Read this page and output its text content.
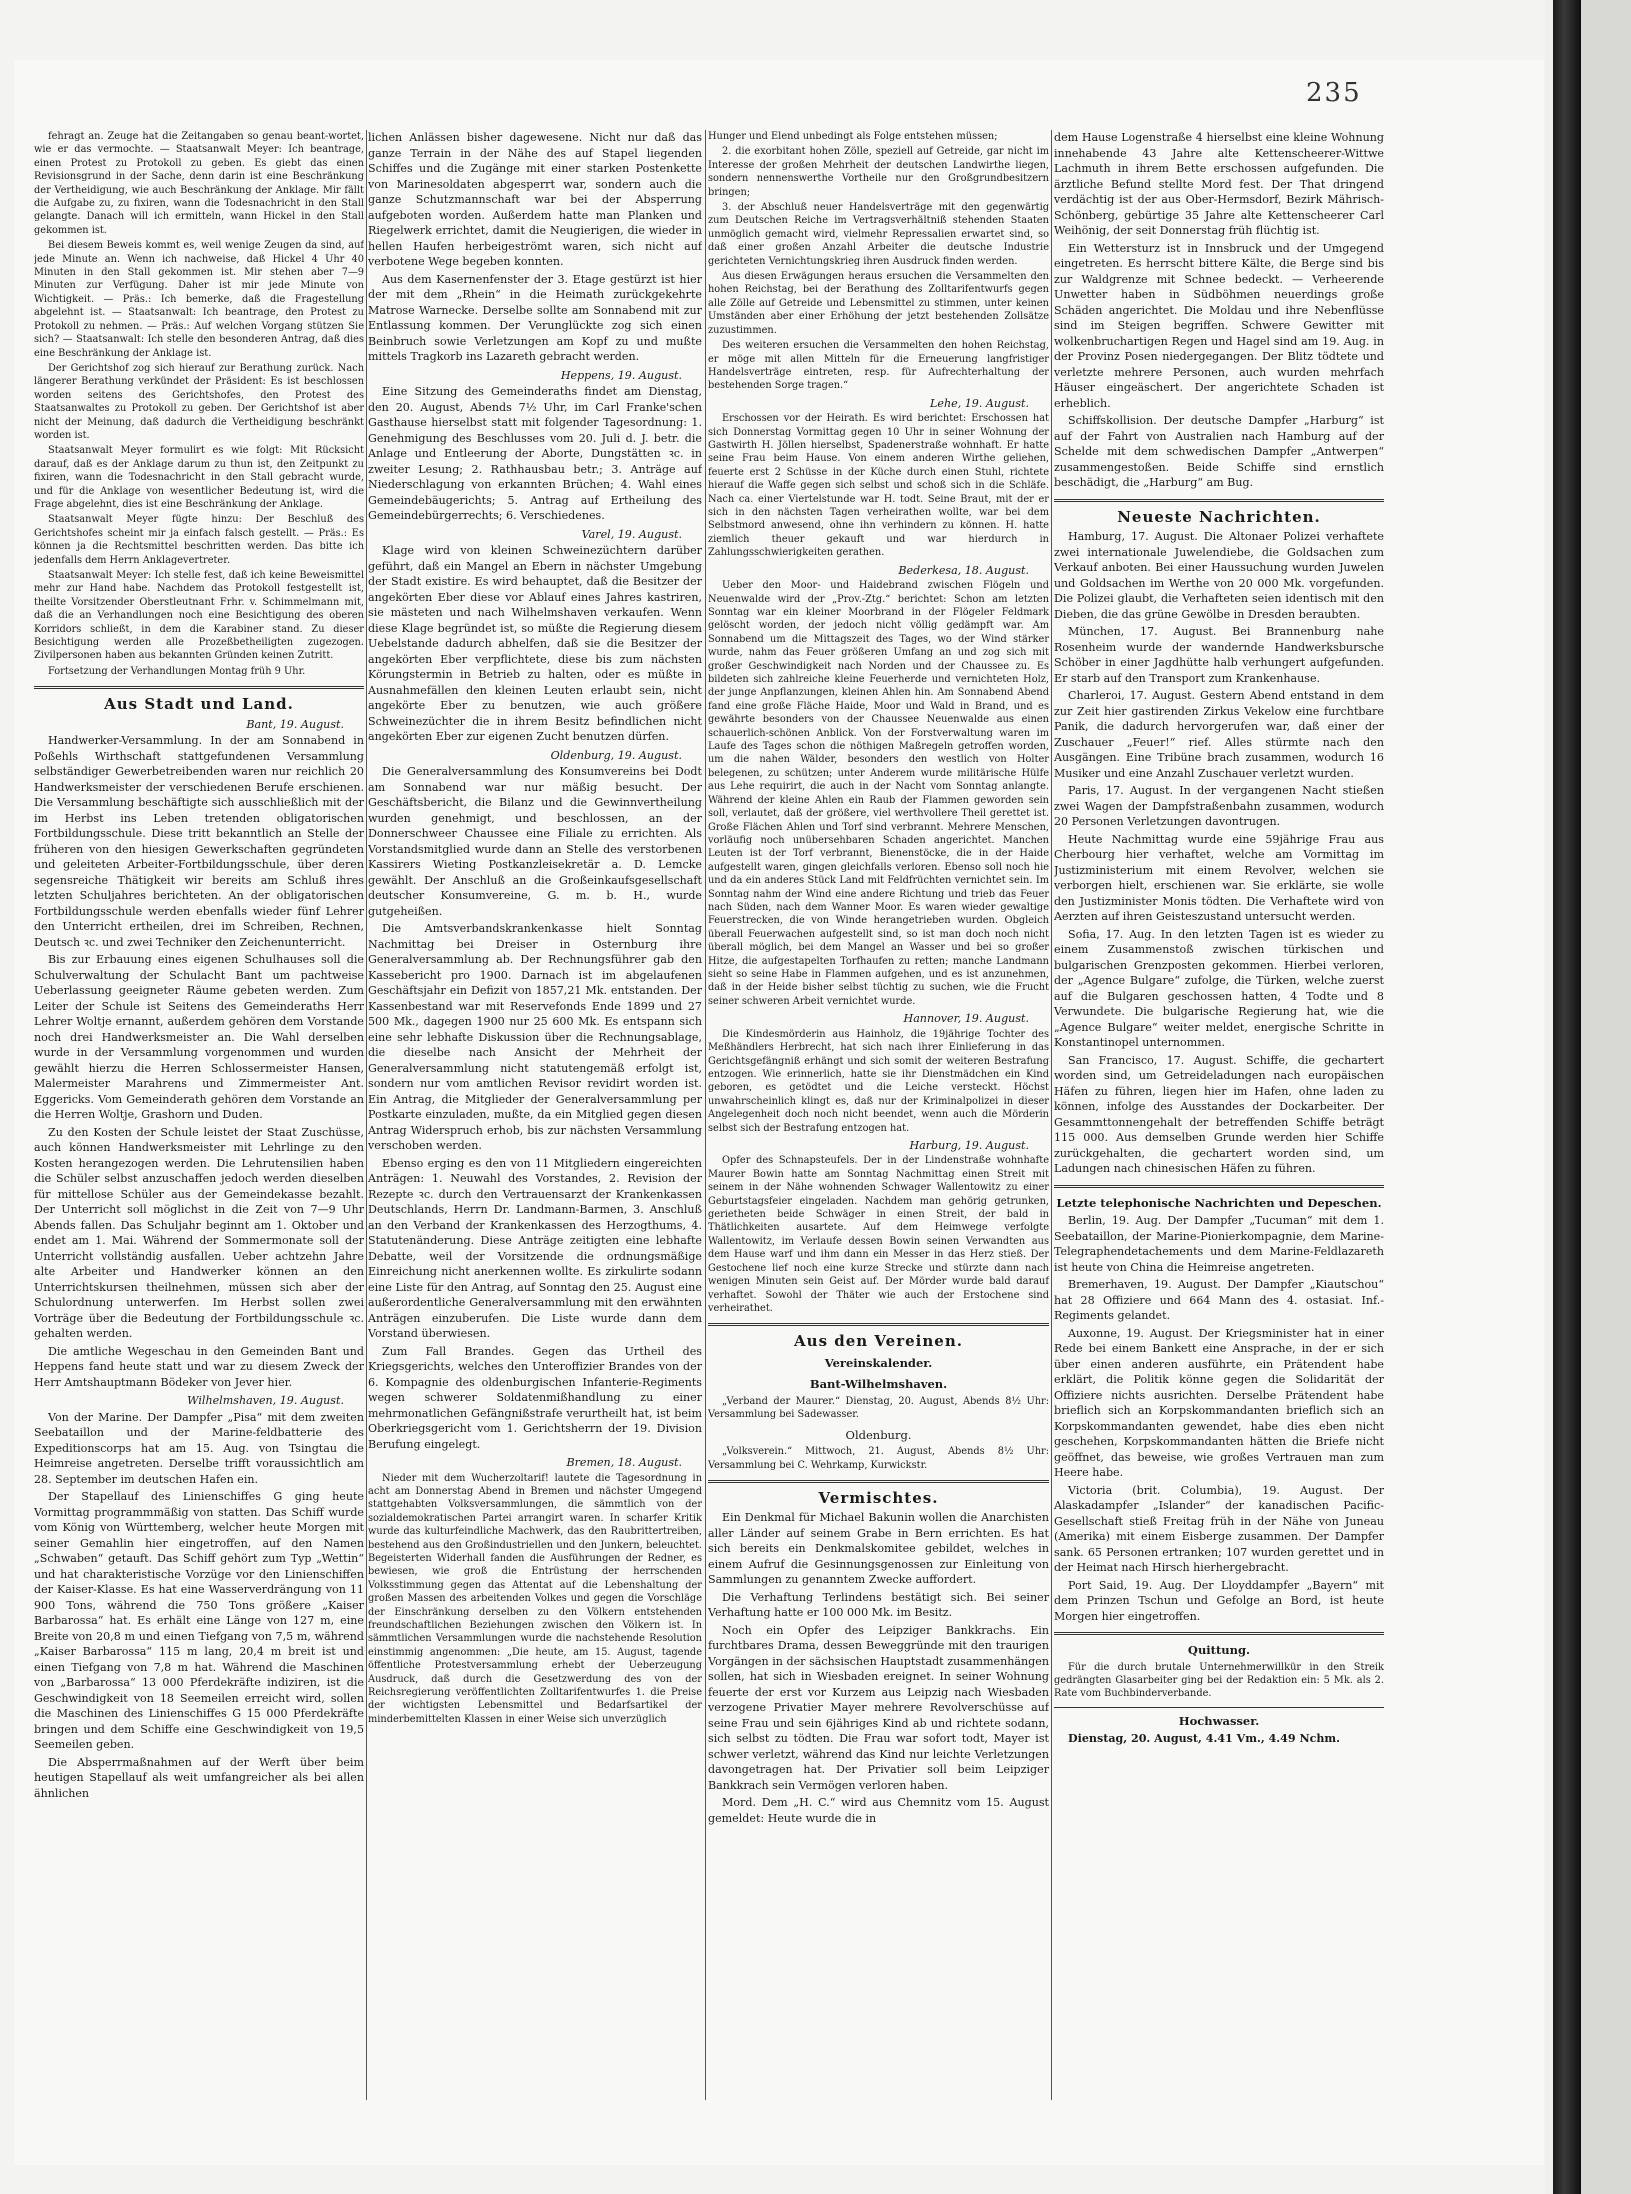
235

fehragt an. Zeuge hat die Zeitangaben so genau beant-wortet, wie er das vermochte. — Staatsanwalt Meyer: Ich beantrage, einen Protest zu Protokoll zu geben. Es giebt das einen Revisionsgrund in der Sache, denn darin ist eine Beschränkung der Vertheidigung, wie auch Beschränkung der Anklage. Mir fällt die Aufgabe zu, zu fixiren, wann die Todesnachricht in den Stall gelangte. Danach will ich ermitteln, wann Hickel in den Stall gekommen ist.

Bei diesem Beweis kommt es, weil wenige Zeugen da sind, auf jede Minute an. Wenn ich nachweise, daß Hickel 4 Uhr 40 Minuten in den Stall gekommen ist. Mir stehen aber 7—9 Minuten zur Verfügung. Daher ist mir jede Minute von Wichtigkeit. — Präs.: Ich bemerke, daß die Fragestellung abgelehnt ist. — Staatsanwalt: Ich beantrage, den Protest zu Protokoll zu nehmen. — Präs.: Auf welchen Vorgang stützen Sie sich? — Staatsanwalt: Ich stelle den besonderen Antrag, daß dies eine Beschränkung der Anklage ist.

Der Gerichtshof zog sich hierauf zur Berathung zurück. Nach längerer Berathung verkündet der Präsident: Es ist beschlossen worden seitens des Gerichtshofes, den Protest des Staatsanwaltes zu Protokoll zu geben. Der Gerichtshof ist aber nicht der Meinung, daß dadurch die Vertheidigung beschränkt worden ist.

Staatsanwalt Meyer formulirt es wie folgt: Mit Rücksicht darauf, daß es der Anklage darum zu thun ist, den Zeitpunkt zu fixiren, wann die Todesnachricht in den Stall gebracht wurde, und für die Anklage von wesentlicher Bedeutung ist, wird die Frage abgelehnt, dies ist eine Beschränkung der Anklage.

Staatsanwalt Meyer fügte hinzu: Der Beschluß des Gerichtshofes scheint mir ja einfach falsch gestellt. — Präs.: Es können ja die Rechtsmittel beschritten werden. Das bitte ich jedenfalls dem Herrn Anklagevertreter.

Staatsanwalt Meyer: Ich stelle fest, daß ich keine Beweismittel mehr zur Hand habe. Nachdem das Protokoll festgestellt ist, theilte Vorsitzender Oberstleutnant Frhr. v. Schimmelmann mit, daß die an Verhandlungen noch eine Besichtigung des oberen Korridors schließt, in dem die Karabiner stand. Zu dieser Besichtigung werden alle Prozeßbetheiligten zugezogen. Zivilpersonen haben aus bekannten Gründen keinen Zutritt.

Fortsetzung der Verhandlungen Montag früh 9 Uhr.

Aus Stadt und Land.
Bant, 19. August.

Handwerker-Versammlung. In der am Sonnabend in Poßehls Wirthschaft stattgefundenen Versammlung selbständiger Gewerbetreibenden waren nur reichlich 20 Handwerksmeister der verschiedenen Berufe erschienen. Die Versammlung beschäftigte sich ausschließlich mit der im Herbst ins Leben tretenden obligatorischen Fortbildungsschule. Diese tritt bekanntlich an Stelle der früheren von den hiesigen Gewerkschaften gegründeten und geleiteten Arbeiter-Fortbildungsschule, über deren segensreiche Thätigkeit wir bereits am Schluß ihres letzten Schuljahres berichteten. An der obligatorischen Fortbildungsschule werden ebenfalls wieder fünf Lehrer den Unterricht ertheilen, drei im Schreiben, Rechnen, Deutsch ꝛc. und zwei Techniker den Zeichenunterricht.

Bis zur Erbauung eines eigenen Schulhauses soll die Schulverwaltung der Schulacht Bant um pachtweise Ueberlassung geeigneter Räume gebeten werden. Zum Leiter der Schule ist Seitens des Gemeinderaths Herr Lehrer Woltje ernannt, außerdem gehören dem Vorstande noch drei Handwerksmeister an. Die Wahl derselben wurde in der Versammlung vorgenommen und wurden gewählt hierzu die Herren Schlossermeister Hansen, Malermeister Marahrens und Zimmermeister Ant. Eggericks. Vom Gemeinderath gehören dem Vorstande an die Herren Woltje, Grashorn und Duden.

Zu den Kosten der Schule leistet der Staat Zuschüsse, auch können Handwerksmeister mit Lehrlinge zu den Kosten herangezogen werden. Die Lehrutensilien haben die Schüler selbst anzuschaffen jedoch werden dieselben für mittellose Schüler aus der Gemeindekasse bezahlt. Der Unterricht soll möglichst in die Zeit von 7—9 Uhr Abends fallen. Das Schuljahr beginnt am 1. Oktober und endet am 1. Mai. Während der Sommermonate soll der Unterricht vollständig ausfallen. Ueber achtzehn Jahre alte Arbeiter und Handwerker können an den Unterrichtskursen theilnehmen, müssen sich aber der Schulordnung unterwerfen. Im Herbst sollen zwei Vorträge über die Bedeutung der Fortbildungsschule ꝛc. gehalten werden.

Die amtliche Wegeschau in den Gemeinden Bant und Heppens fand heute statt und war zu diesem Zweck der Herr Amtshauptmann Bödeker von Jever hier.

Wilhelmshaven, 19. August.

Von der Marine. Der Dampfer „Pisa“ mit dem zweiten Seebataillon und der Marine-feldbatterie des Expeditionscorps hat am 15. Aug. von Tsingtau die Heimreise angetreten. Derselbe trifft voraussichtlich am 28. September im deutschen Hafen ein.

Der Stapellauf des Linienschiffes G ging heute Vormittag programmmäßig von statten. Das Schiff wurde vom König von Württemberg, welcher heute Morgen mit seiner Gemahlin hier eingetroffen, auf den Namen „Schwaben“ getauft. Das Schiff gehört zum Typ „Wettin“ und hat charakteristische Vorzüge vor den Linienschiffen der Kaiser-Klasse. Es hat eine Wasserverdrängung von 11 900 Tons, während die 750 Tons größere „Kaiser Barbarossa“ hat. Es erhält eine Länge von 127 m, eine Breite von 20,8 m und einen Tiefgang von 7,5 m, während „Kaiser Barbarossa“ 115 m lang, 20,4 m breit ist und einen Tiefgang von 7,8 m hat. Während die Maschinen von „Barbarossa“ 13 000 Pferdekräfte indiziren, ist die Geschwindigkeit von 18 Seemeilen erreicht wird, sollen die Maschinen des Linienschiffes G 15 000 Pferdekräfte bringen und dem Schiffe eine Geschwindigkeit von 19,5 Seemeilen geben.

Die Absperrmaßnahmen auf der Werft über beim heutigen Stapellauf als weit umfangreicher als bei allen ähnlichen

lichen Anlässen bisher dagewesene. Nicht nur daß das ganze Terrain in der Nähe des auf Stapel liegenden Schiffes und die Zugänge mit einer starken Postenkette von Marinesoldaten abgesperrt war, sondern auch die ganze Schutzmannschaft war bei der Absperrung aufgeboten worden. Außerdem hatte man Planken und Riegelwerk errichtet, damit die Neugierigen, die wieder in hellen Haufen herbeigeströmt waren, sich nicht auf verbotene Wege begeben konnten.

Aus dem Kasernenfenster der 3. Etage gestürzt ist hier der mit dem „Rhein“ in die Heimath zurückgekehrte Matrose Warnecke. Derselbe sollte am Sonnabend mit zur Entlassung kommen. Der Verunglückte zog sich einen Beinbruch sowie Verletzungen am Kopf zu und mußte mittels Tragkorb ins Lazareth gebracht werden.

Heppens, 19. August.

Eine Sitzung des Gemeinderaths findet am Dienstag, den 20. August, Abends 7½ Uhr, im Carl Franke'schen Gasthause hierselbst statt mit folgender Tagesordnung: 1. Genehmigung des Beschlusses vom 20. Juli d. J. betr. die Anlage und Entleerung der Aborte, Dungstätten ꝛc. in zweiter Lesung; 2. Rathhausbau betr.; 3. Anträge auf Niederschlagung von erkannten Brüchen; 4. Wahl eines Gemeindebäugerichts; 5. Antrag auf Ertheilung des Gemeindebürgerrechts; 6. Verschiedenes.

Varel, 19. August.

Klage wird von kleinen Schweinezüchtern darüber geführt, daß ein Mangel an Ebern in nächster Umgebung der Stadt existire. Es wird behauptet, daß die Besitzer der angekörten Eber diese vor Ablauf eines Jahres kastriren, sie mästeten und nach Wilhelmshaven verkaufen. Wenn diese Klage begründet ist, so müßte die Regierung diesem Uebelstande dadurch abhelfen, daß sie die Besitzer der angekörten Eber verpflichtete, diese bis zum nächsten Körungstermin in Betrieb zu halten, oder es müßte in Ausnahmefällen den kleinen Leuten erlaubt sein, nicht angekörte Eber zu benutzen, wie auch größere Schweinezüchter die in ihrem Besitz befindlichen nicht angekörten Eber zur eigenen Zucht benutzen dürfen.

Oldenburg, 19. August.

Die Generalversammlung des Konsumvereins bei Dodt am Sonnabend war nur mäßig besucht. Der Geschäftsbericht, die Bilanz und die Gewinnvertheilung wurden genehmigt, und beschlossen, an der Donnerschweer Chaussee eine Filiale zu errichten. Als Vorstandsmitglied wurde dann an Stelle des verstorbenen Kassirers Wieting Postkanzleisekretär a. D. Lemcke gewählt. Der Anschluß an die Großeinkaufsgesellschaft deutscher Konsumvereine, G. m. b. H., wurde gutgeheißen.

Die Amtsverbandskrankenkasse hielt Sonntag Nachmittag bei Dreiser in Osternburg ihre Generalversammlung ab. Der Rechnungsführer gab den Kassebericht pro 1900. Darnach ist im abgelaufenen Geschäftsjahr ein Defizit von 1857,21 Mk. entstanden. Der Kassenbestand war mit Reservefonds Ende 1899 und 27 500 Mk., dagegen 1900 nur 25 600 Mk. Es entspann sich eine sehr lebhafte Diskussion über die Rechnungsablage, die dieselbe nach Ansicht der Mehrheit der Generalversammlung nicht statutengemäß erfolgt ist, sondern nur vom amtlichen Revisor revidirt worden ist. Ein Antrag, die Mitglieder der Generalversammlung per Postkarte einzuladen, mußte, da ein Mitglied gegen diesen Antrag Widerspruch erhob, bis zur nächsten Versammlung verschoben werden.

Ebenso erging es den von 11 Mitgliedern eingereichten Anträgen: 1. Neuwahl des Vorstandes, 2. Revision der Rezepte ꝛc. durch den Vertrauensarzt der Krankenkassen Deutschlands, Herrn Dr. Landmann-Barmen, 3. Anschluß an den Verband der Krankenkassen des Herzogthums, 4. Statutenänderung. Diese Anträge zeitigten eine lebhafte Debatte, weil der Vorsitzende die ordnungsmäßige Einreichung nicht anerkennen wollte. Es zirkulirte sodann eine Liste für den Antrag, auf Sonntag den 25. August eine außerordentliche Generalversammlung mit den erwähnten Anträgen einzuberufen. Die Liste wurde dann dem Vorstand überwiesen.

Zum Fall Brandes. Gegen das Urtheil des Kriegsgerichts, welches den Unteroffizier Brandes von der 6. Kompagnie des oldenburgischen Infanterie-Regiments wegen schwerer Soldatenmißhandlung zu einer mehrmonatlichen Gefängnißstrafe verurtheilt hat, ist beim Oberkriegsgericht vom 1. Gerichtsherrn der 19. Division Berufung eingelegt.

Bremen, 18. August.

Nieder mit dem Wucherzoltarif! lautete die Tagesordnung in acht am Donnerstag Abend in Bremen und nächster Umgegend stattgehabten Volksversammlungen, die sämmtlich von der sozialdemokratischen Partei arrangirt waren. In scharfer Kritik wurde das kulturfeindliche Machwerk, das den Raubrittertreiben, bestehend aus den Großindustriellen und den Junkern, beleuchtet. Begeisterten Widerhall fanden die Ausführungen der Redner, es bewiesen, wie groß die Entrüstung der herrschenden Volksstimmung gegen das Attentat auf die Lebenshaltung der großen Massen des arbeitenden Volkes und gegen die Vorschläge der Einschränkung derselben zu den Völkern entstehenden freundschaftlichen Beziehungen zwischen den Völkern ist. In sämmtlichen Versammlungen wurde die nachstehende Resolution einstimmig angenommen: „Die heute, am 15. August, tagende öffentliche Protestversammlung erhebt der Ueberzeugung Ausdruck, daß durch die Gesetzwerdung des von der Reichsregierung veröffentlichten Zolltarifentwurfes 1. die Preise der wichtigsten Lebensmittel und Bedarfsartikel der minderbemittelten Klassen in einer Weise sich unverzüglich

Hunger und Elend unbedingt als Folge entstehen müssen;

2. die exorbitant hohen Zölle, speziell auf Getreide, gar nicht im Interesse der großen Mehrheit der deutschen Landwirthe liegen, sondern nennenswerthe Vortheile nur den Großgrundbesitzern bringen;

3. der Abschluß neuer Handelsverträge mit den gegenwärtig zum Deutschen Reiche im Vertragsverhältniß stehenden Staaten unmöglich gemacht wird, vielmehr Repressalien erwartet sind, so daß einer großen Anzahl Arbeiter die deutsche Industrie gerichteten Vernichtungskrieg ihren Ausdruck finden werden.

Aus diesen Erwägungen heraus ersuchen die Versammelten den hohen Reichstag, bei der Berathung des Zolltarifentwurfs gegen alle Zölle auf Getreide und Lebensmittel zu stimmen, unter keinen Umständen aber einer Erhöhung der jetzt bestehenden Zollsätze zuzustimmen.

Des weiteren ersuchen die Versammelten den hohen Reichstag, er möge mit allen Mitteln für die Erneuerung langfristiger Handelsverträge eintreten, resp. für Aufrechterhaltung der bestehenden Sorge tragen.“

Lehe, 19. August.

Erschossen vor der Heirath. Es wird berichtet: Erschossen hat sich Donnerstag Vormittag gegen 10 Uhr in seiner Wohnung der Gastwirth H. Jöllen hierselbst, Spadenerstraße wohnhaft. Er hatte seine Frau beim Hause. Von einem anderen Wirthe geliehen, feuerte erst 2 Schüsse in der Küche durch einen Stuhl, richtete hierauf die Waffe gegen sich selbst und schoß sich in die Schläfe. Nach ca. einer Viertelstunde war H. todt. Seine Braut, mit der er sich in den nächsten Tagen verheirathen wollte, war bei dem Selbstmord anwesend, ohne ihn verhindern zu können. H. hatte ziemlich theuer gekauft und war hierdurch in Zahlungsschwierigkeiten gerathen.

Bederkesa, 18. August.

Ueber den Moor- und Haidebrand zwischen Flögeln und Neuenwalde wird der „Prov.-Ztg.“ berichtet: Schon am letzten Sonntag war ein kleiner Moorbrand in der Flögeler Feldmark gelöscht worden, der jedoch nicht völlig gedämpft war. Am Sonnabend um die Mittagszeit des Tages, wo der Wind stärker wurde, nahm das Feuer größeren Umfang an und zog sich mit großer Geschwindigkeit nach Norden und der Chaussee zu. Es bildeten sich zahlreiche kleine Feuerherde und vernichteten Holz, der junge Anpflanzungen, kleinen Ahlen hin. Am Sonnabend Abend fand eine große Fläche Haide, Moor und Wald in Brand, und es gewährte besonders von der Chaussee Neuenwalde aus einen schauerlich-schönen Anblick. Von der Forstverwaltung waren im Laufe des Tages schon die nöthigen Maßregeln getroffen worden, um die nahen Wälder, besonders den westlich von Holter belegenen, zu schützen; unter Anderem wurde militärische Hülfe aus Lehe requirirt, die auch in der Nacht vom Sonntag anlangte. Während der kleine Ahlen ein Raub der Flammen geworden sein soll, verlautet, daß der größere, viel werthvollere Theil gerettet ist. Große Flächen Ahlen und Torf sind verbrannt. Mehrere Menschen, vorläufig noch unübersehbaren Schaden angerichtet. Manchen Leuten ist der Torf verbrannt, Bienenstöcke, die in der Haide aufgestellt waren, gingen gleichfalls verloren. Ebenso soll noch hie und da ein anderes Stück Land mit Feldfrüchten vernichtet sein. Im Sonntag nahm der Wind eine andere Richtung und trieb das Feuer nach Süden, nach dem Wanner Moor. Es waren wieder gewaltige Feuerstrecken, die von Winde herangetrieben wurden. Obgleich überall Feuerwachen aufgestellt sind, so ist man doch noch nicht überall möglich, bei dem Mangel an Wasser und bei so großer Hitze, die aufgestapelten Torfhaufen zu retten; manche Landmann sieht so seine Habe in Flammen aufgehen, und es ist anzunehmen, daß in der Heide bisher selbst tüchtig zu suchen, wie die Frucht seiner schweren Arbeit vernichtet wurde.

Hannover, 19. August.

Die Kindesmörderin aus Hainholz, die 19jährige Tochter des Meßhändlers Herbrecht, hat sich nach ihrer Einlieferung in das Gerichtsgefängniß erhängt und sich somit der weiteren Bestrafung entzogen. Wie erinnerlich, hatte sie ihr Dienstmädchen ein Kind geboren, es getödtet und die Leiche versteckt. Höchst unwahrscheinlich klingt es, daß nur der Kriminalpolizei in dieser Angelegenheit doch noch nicht beendet, wenn auch die Mörderin selbst sich der Bestrafung entzogen hat.

Harburg, 19. August.

Opfer des Schnapsteufels. Der in der Lindenstraße wohnhafte Maurer Bowin hatte am Sonntag Nachmittag einen Streit mit seinem in der Nähe wohnenden Schwager Wallentowitz zu einer Geburtstagsfeier eingeladen. Nachdem man gehörig getrunken, gerietheten beide Schwäger in einen Streit, der bald in Thätlichkeiten ausartete. Auf dem Heimwege verfolgte Wallentowitz, im Verlaufe dessen Bowin seinen Verwandten aus dem Hause warf und ihm dann ein Messer in das Herz stieß. Der Gestochene lief noch eine kurze Strecke und stürzte dann nach wenigen Minuten sein Geist auf. Der Mörder wurde bald darauf verhaftet. Sowohl der Thäter wie auch der Erstochene sind verheirathet.

Aus den Vereinen.
Vereinskalender.
Bant-Wilhelmshaven.

„Verband der Maurer.“ Dienstag, 20. August, Abends 8½ Uhr: Versammlung bei Sadewasser.

Oldenburg.

„Volksverein.“ Mittwoch, 21. August, Abends 8½ Uhr: Versammlung bei C. Wehrkamp, Kurwickstr.

Vermischtes.

Ein Denkmal für Michael Bakunin wollen die Anarchisten aller Länder auf seinem Grabe in Bern errichten. Es hat sich bereits ein Denkmalskomitee gebildet, welches in einem Aufruf die Gesinnungsgenossen zur Einleitung von Sammlungen zu genanntem Zwecke auffordert.

Die Verhaftung Terlindens bestätigt sich. Bei seiner Verhaftung hatte er 100 000 Mk. im Besitz.

Noch ein Opfer des Leipziger Bankkrachs. Ein furchtbares Drama, dessen Beweggründe mit den traurigen Vorgängen in der sächsischen Hauptstadt zusammenhängen sollen, hat sich in Wiesbaden ereignet. In seiner Wohnung feuerte der erst vor Kurzem aus Leipzig nach Wiesbaden verzogene Privatier Mayer mehrere Revolverschüsse auf seine Frau und sein 6jähriges Kind ab und richtete sodann, sich selbst zu tödten. Die Frau war sofort todt, Mayer ist schwer verletzt, während das Kind nur leichte Verletzungen davongetragen hat. Der Privatier soll beim Leipziger Bankkrach sein Vermögen verloren haben.

Mord. Dem „H. C.“ wird aus Chemnitz vom 15. August gemeldet: Heute wurde die in

dem Hause Logenstraße 4 hierselbst eine kleine Wohnung innehabende 43 Jahre alte Kettenscheerer-Wittwe Lachmuth in ihrem Bette erschossen aufgefunden. Die ärztliche Befund stellte Mord fest. Der That dringend verdächtig ist der aus Ober-Hermsdorf, Bezirk Mährisch-Schönberg, gebürtige 35 Jahre alte Kettenscheerer Carl Weihönig, der seit Donnerstag früh flüchtig ist.

Ein Wettersturz ist in Innsbruck und der Umgegend eingetreten. Es herrscht bittere Kälte, die Berge sind bis zur Waldgrenze mit Schnee bedeckt. — Verheerende Unwetter haben in Südböhmen neuerdings große Schäden angerichtet. Die Moldau und ihre Nebenflüsse sind im Steigen begriffen. Schwere Gewitter mit wolkenbruchartigen Regen und Hagel sind am 19. Aug. in der Provinz Posen niedergegangen. Der Blitz tödtete und verletzte mehrere Personen, auch wurden mehrfach Häuser eingeäschert. Der angerichtete Schaden ist erheblich.

Schiffskollision. Der deutsche Dampfer „Harburg“ ist auf der Fahrt von Australien nach Hamburg auf der Schelde mit dem schwedischen Dampfer „Antwerpen“ zusammengestoßen. Beide Schiffe sind ernstlich beschädigt, die „Harburg“ am Bug.

Neueste Nachrichten.

Hamburg, 17. August. Die Altonaer Polizei verhaftete zwei internationale Juwelendiebe, die Goldsachen zum Verkauf anboten. Bei einer Haussuchung wurden Juwelen und Goldsachen im Werthe von 20 000 Mk. vorgefunden. Die Polizei glaubt, die Verhafteten seien identisch mit den Dieben, die das grüne Gewölbe in Dresden beraubten.

München, 17. August. Bei Brannenburg nahe Rosenheim wurde der wandernde Handwerksbursche Schöber in einer Jagdhütte halb verhungert aufgefunden. Er starb auf den Transport zum Krankenhause.

Charleroi, 17. August. Gestern Abend entstand in dem zur Zeit hier gastirenden Zirkus Vekelow eine furchtbare Panik, die dadurch hervorgerufen war, daß einer der Zuschauer „Feuer!“ rief. Alles stürmte nach den Ausgängen. Eine Tribüne brach zusammen, wodurch 16 Musiker und eine Anzahl Zuschauer verletzt wurden.

Paris, 17. August. In der vergangenen Nacht stießen zwei Wagen der Dampfstraßenbahn zusammen, wodurch 20 Personen Verletzungen davontrugen.

Heute Nachmittag wurde eine 59jährige Frau aus Cherbourg hier verhaftet, welche am Vormittag im Justizministerium mit einem Revolver, welchen sie verborgen hielt, erschienen war. Sie erklärte, sie wolle den Justizminister Monis tödten. Die Verhaftete wird von Aerzten auf ihren Geisteszustand untersucht werden.

Sofia, 17. Aug. In den letzten Tagen ist es wieder zu einem Zusammenstoß zwischen türkischen und bulgarischen Grenzposten gekommen. Hierbei verloren, der „Agence Bulgare“ zufolge, die Türken, welche zuerst auf die Bulgaren geschossen hatten, 4 Todte und 8 Verwundete. Die bulgarische Regierung hat, wie die „Agence Bulgare“ weiter meldet, energische Schritte in Konstantinopel unternommen.

San Francisco, 17. August. Schiffe, die gechartert worden sind, um Getreideladungen nach europäischen Häfen zu führen, liegen hier im Hafen, ohne laden zu können, infolge des Ausstandes der Dockarbeiter. Der Gesammttonnengehalt der betreffenden Schiffe beträgt 115 000. Aus demselben Grunde werden hier Schiffe zurückgehalten, die gechartert worden sind, um Ladungen nach chinesischen Häfen zu führen.

Letzte telephonische Nachrichten und Depeschen.

Berlin, 19. Aug. Der Dampfer „Tucuman“ mit dem 1. Seebataillon, der Marine-Pionierkompagnie, dem Marine-Telegraphendetachements und dem Marine-Feldlazareth ist heute von China die Heimreise angetreten.

Bremerhaven, 19. August. Der Dampfer „Kiautschou“ hat 28 Offiziere und 664 Mann des 4. ostasiat. Inf.-Regiments gelandet.

Auxonne, 19. August. Der Kriegsminister hat in einer Rede bei einem Bankett eine Ansprache, in der er sich über einen anderen ausführte, ein Prätendent habe erklärt, die Politik könne gegen die Solidarität der Offiziere nichts ausrichten. Derselbe Prätendent habe brieflich sich an Korpskommandanten brieflich sich an Korpskommandanten gewendet, habe dies eben nicht geschehen, Korpskommandanten hätten die Briefe nicht geöffnet, das beweise, wie großes Vertrauen man zum Heere habe.

Victoria (brit. Columbia), 19. August. Der Alaskadampfer „Islander“ der kanadischen Pacific-Gesellschaft stieß Freitag früh in der Nähe von Juneau (Amerika) mit einem Eisberge zusammen. Der Dampfer sank. 65 Personen ertranken; 107 wurden gerettet und in der Heimat nach Hirsch hierhergebracht.

Port Said, 19. Aug. Der Lloyddampfer „Bayern“ mit dem Prinzen Tschun und Gefolge an Bord, ist heute Morgen hier eingetroffen.

Quittung.

Für die durch brutale Unternehmerwillkür in den Streik gedrängten Glasarbeiter ging bei der Redaktion ein: 5 Mk. als 2. Rate vom Buchbinderverbande.

Hochwasser.

Dienstag, 20. August, 4.41 Vm., 4.49 Nchm.
